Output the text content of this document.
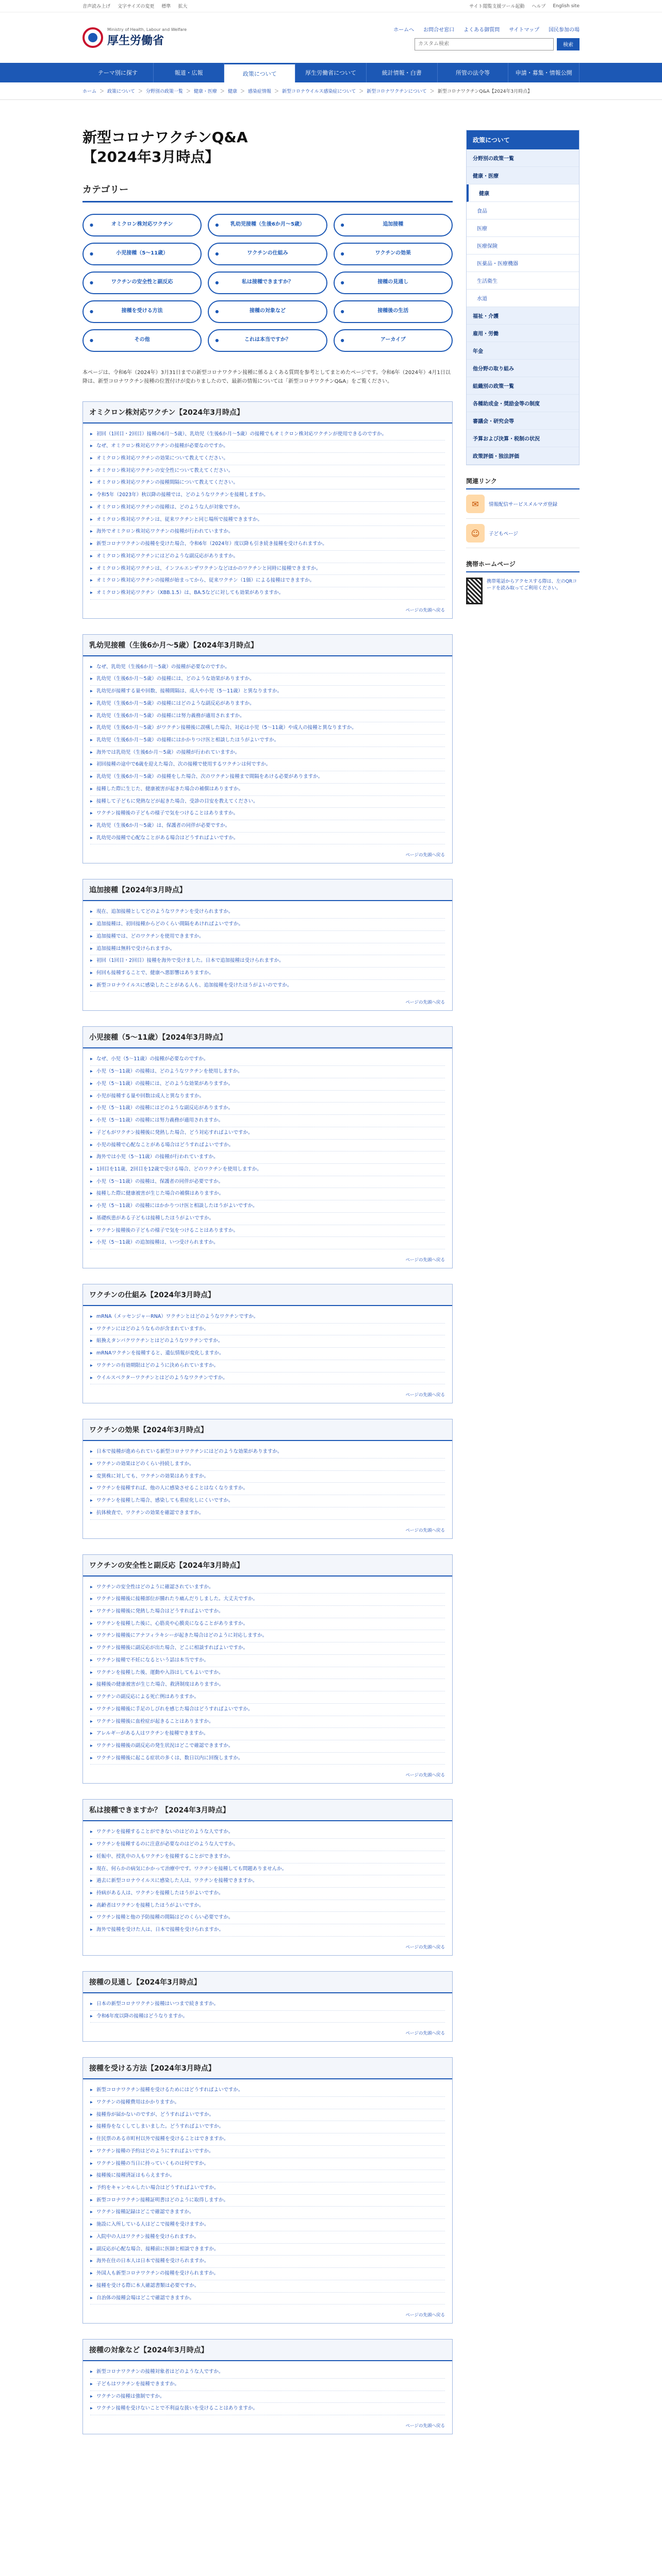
音声読み上げ 文字サイズの変更 標準 拡大	サイト閲覧支援ツール起動 ヘルプ English site
Ministry of Health, Labour and Welfare
厚生労働省
ホームへ お問合せ窓口 よくある御質問 サイトマップ 国民参加の場
カスタム検索
検索
テーマ別に探す	報道・広報	政策について	厚生労働省について	統計情報・白書	所管の法令等	申請・募集・情報公開
ホーム ＞ 政策について ＞ 分野別の政策一覧 ＞ 健康・医療 ＞ 健康 ＞ 感染症情報 ＞ 新型コロナウイルス感染症について ＞ 新型コロナワクチンについて ＞ 新型コロナワクチンQ&A【2024年3月時点】
新型コロナワクチンQ&A
【2024年3月時点】
カテゴリー
● オミクロン株対応ワクチン	● 乳幼児接種（生後6か月〜5歳）	● 追加接種
● 小児接種（5〜11歳）	● ワクチンの仕組み	● ワクチンの効果
● ワクチンの安全性と副反応	● 私は接種できますか？	● 接種の見通し
● 接種を受ける方法	● 接種の対象など	● 接種後の生活
● その他	● これは本当ですか？	● アーカイブ

本ページは、令和6年（2024年）3月31日までの新型コロナワクチン接種に係るよくある質問を参考としてまとめたページです。令和6年（2024年）4月1日以降は、新型コロナワクチン接種の位置付けが変わりましたので、最新の情報については「新型コロナワクチンQ&A」をご覧ください。

オミクロン株対応ワクチン【2024年3月時点】
▸ 初回（1回目・2回目）接種の6月〜5歳）、乳幼児（生後6か月〜5歳）の接種でもオミクロン株対応ワクチンが使用できるのですか。
▸ なぜ、オミクロン株対応ワクチンの接種が必要なのですか。
▸ オミクロン株対応ワクチンの効果について教えてください。
▸ オミクロン株対応ワクチンの安全性について教えてください。
▸ オミクロン株対応ワクチンの接種間隔について教えてください。
▸ 令和5年（2023年）秋以降の接種では、どのようなワクチンを接種しますか。
▸ オミクロン株対応ワクチンの接種は、どのような人が対象ですか。
▸ オミクロン株対応ワクチンは、従来ワクチンと同じ場所で接種できますか。
▸ 海外でオミクロン株対応ワクチンの接種が行われていますか。
▸ 新型コロナワクチンの接種を受けた場合、令和6年（2024年）度以降も引き続き接種を受けられますか。
▸ オミクロン株対応ワクチンにはどのような副反応がありますか。
▸ オミクロン株対応ワクチンは、インフルエンザワクチンなどほかのワクチンと同時に接種できますか。
▸ オミクロン株対応ワクチンの接種が始まってから、従来ワクチン（1価）による接種はできますか。
▸ オミクロン株対応ワクチン（XBB.1.5）は、BA.5などに対しても効果がありますか。
ページの先頭へ戻る
乳幼児接種（生後6か月〜5歳）【2024年3月時点】
▸ なぜ、乳幼児（生後6か月〜5歳）の接種が必要なのですか。
▸ 乳幼児（生後6か月〜5歳）の接種には、どのような効果がありますか。
▸ 乳幼児が接種する量や回数、接種間隔は、成人や小児（5〜11歳）と異なりますか。
▸ 乳幼児（生後6か月〜5歳）の接種にはどのような副反応がありますか。
▸ 乳幼児（生後6か月〜5歳）の接種には努力義務が適用されますか。
▸ 乳幼児（生後6か月〜5歳）がワクチン接種後に誤嚥した場合、対応は小児（5〜11歳）や成人の接種と異なりますか。
▸ 乳幼児（生後6か月〜5歳）の接種にはかかりつけ医と相談したほうがよいですか。
▸ 海外では乳幼児（生後6か月〜5歳）の接種が行われていますか。
▸ 初回接種の途中で6歳を迎えた場合、次の接種で使用するワクチンは何ですか。
▸ 乳幼児（生後6か月〜5歳）の接種をした場合、次のワクチン接種まで間隔をあける必要がありますか。
▸ 接種した際に生じた、健康被害が起きた場合の補償はありますか。
▸ 接種して子どもに発熱などが起きた場合、受診の目安を教えてください。
▸ ワクチン接種後の子どもの様子で気をつけることはありますか。
▸ 乳幼児（生後6か月〜5歳）は、保護者の同伴が必要ですか。
▸ 乳幼児の接種で心配なことがある場合はどうすればよいですか。
ページの先頭へ戻る
追加接種【2024年3月時点】
▸ 現在、追加接種としてどのようなワクチンを受けられますか。
▸ 追加接種は、初回接種からどのくらい間隔をあければよいですか。
▸ 追加接種では、どのワクチンを使用できますか。
▸ 追加接種は無料で受けられますか。
▸ 初回（1回目・2回目）接種を海外で受けました。日本で追加接種は受けられますか。
▸ 何回も接種することで、健康へ悪影響はありますか。
▸ 新型コロナウイルスに感染したことがある人も、追加接種を受けたほうがよいのですか。
ページの先頭へ戻る
小児接種（5〜11歳）【2024年3月時点】
▸ なぜ、小児（5〜11歳）の接種が必要なのですか。
▸ 小児（5〜11歳）の接種は、どのようなワクチンを使用しますか。
▸ 小児（5〜11歳）の接種には、どのような効果がありますか。
▸ 小児が接種する量や回数は成人と異なりますか。
▸ 小児（5〜11歳）の接種にはどのような副反応がありますか。
▸ 小児（5〜11歳）の接種には努力義務が適用されますか。
▸ 子どもがワクチン接種後に発熱した場合、どう対応すればよいですか。
▸ 小児の接種で心配なことがある場合はどうすればよいですか。
▸ 海外では小児（5〜11歳）の接種が行われていますか。
▸ 1回目を11歳、2回目を12歳で受ける場合、どのワクチンを使用しますか。
▸ 小児（5〜11歳）の接種は、保護者の同伴が必要ですか。
▸ 接種した際に健康被害が生じた場合の補償はありますか。
▸ 小児（5〜11歳）の接種にはかかりつけ医と相談したほうがよいですか。
▸ 基礎疾患がある子どもは接種したほうがよいですか。
▸ ワクチン接種後の子どもの様子で気をつけることはありますか。
▸ 小児（5〜11歳）の追加接種は、いつ受けられますか。
ページの先頭へ戻る
ワクチンの仕組み【2024年3月時点】
▸ mRNA（メッセンジャーRNA）ワクチンとはどのようなワクチンですか。
▸ ワクチンにはどのようなものが含まれていますか。
▸ 組換えタンパクワクチンとはどのようなワクチンですか。
▸ mRNAワクチンを接種すると、遺伝情報が変化しますか。
▸ ワクチンの有効期限はどのように決められていますか。
▸ ウイルスベクターワクチンとはどのようなワクチンですか。
ページの先頭へ戻る
ワクチンの効果【2024年3月時点】
▸ 日本で接種が進められている新型コロナワクチンにはどのような効果がありますか。
▸ ワクチンの効果はどのくらい持続しますか。
▸ 変異株に対しても、ワクチンの効果はありますか。
▸ ワクチンを接種すれば、他の人に感染させることはなくなりますか。
▸ ワクチンを接種した場合、感染しても重症化しにくいですか。
▸ 抗体検査で、ワクチンの効果を確認できますか。
ページの先頭へ戻る
ワクチンの安全性と副反応【2024年3月時点】
▸ ワクチンの安全性はどのように確認されていますか。
▸ ワクチン接種後に接種部位が腫れたり痛んだりしました。大丈夫ですか。
▸ ワクチン接種後に発熱した場合はどうすればよいですか。
▸ ワクチンを接種した後に、心筋炎や心膜炎になることがありますか。
▸ ワクチン接種後にアナフィラキシーが起きた場合はどのように対応しますか。
▸ ワクチン接種後に副反応が出た場合、どこに相談すればよいですか。
▸ ワクチン接種で不妊になるという話は本当ですか。
▸ ワクチンを接種した後、運動や入浴はしてもよいですか。
▸ 接種後の健康被害が生じた場合、救済制度はありますか。
▸ ワクチンの副反応による死亡例はありますか。
▸ ワクチン接種後に手足のしびれを感じた場合はどうすればよいですか。
▸ ワクチン接種後に血栓症が起きることはありますか。
▸ アレルギーがある人はワクチンを接種できますか。
▸ ワクチン接種後の副反応の発生状況はどこで確認できますか。
▸ ワクチン接種後に起こる症状の多くは、数日以内に回復しますか。
ページの先頭へ戻る
私は接種できますか？【2024年3月時点】
▸ ワクチンを接種することができないのはどのような人ですか。
▸ ワクチンを接種するのに注意が必要なのはどのような人ですか。
▸ 妊娠中、授乳中の人もワクチンを接種することができますか。
▸ 現在、何らかの病気にかかって治療中です。ワクチンを接種しても問題ありませんか。
▸ 過去に新型コロナウイルスに感染した人は、ワクチンを接種できますか。
▸ 持病がある人は、ワクチンを接種したほうがよいですか。
▸ 高齢者はワクチンを接種したほうがよいですか。
▸ ワクチン接種と他の予防接種の間隔はどのくらい必要ですか。
▸ 海外で接種を受けた人は、日本で接種を受けられますか。
ページの先頭へ戻る
接種の見通し【2024年3月時点】
▸ 日本の新型コロナワクチン接種はいつまで続きますか。
▸ 令和6年度以降の接種はどうなりますか。
ページの先頭へ戻る
接種を受ける方法【2024年3月時点】
▸ 新型コロナワクチン接種を受けるためにはどうすればよいですか。
▸ ワクチンの接種費用はかかりますか。
▸ 接種券が届かないのですが、どうすればよいですか。
▸ 接種券をなくしてしまいました。どうすればよいですか。
▸ 住民票のある市町村以外で接種を受けることはできますか。
▸ ワクチン接種の予約はどのようにすればよいですか。
▸ ワクチン接種の当日に持っていくものは何ですか。
▸ 接種後に接種済証はもらえますか。
▸ 予約をキャンセルしたい場合はどうすればよいですか。
▸ 新型コロナワクチン接種証明書はどのように取得しますか。
▸ ワクチン接種記録はどこで確認できますか。
▸ 施設に入所している人はどこで接種を受けますか。
▸ 入院中の人はワクチン接種を受けられますか。
▸ 副反応が心配な場合、接種前に医師と相談できますか。
▸ 海外在住の日本人は日本で接種を受けられますか。
▸ 外国人も新型コロナワクチンの接種を受けられますか。
▸ 接種を受ける際に本人確認書類は必要ですか。
▸ 自治体の接種会場はどこで確認できますか。
ページの先頭へ戻る
接種の対象など【2024年3月時点】
▸ 新型コロナワクチンの接種対象者はどのような人ですか。
▸ 子どもはワクチンを接種できますか。
▸ ワクチンの接種は強制ですか。
▸ ワクチン接種を受けないことで不利益な扱いを受けることはありますか。
ページの先頭へ戻る
政策について
分野別の政策一覧
健康・医療
健康
食品
医療
医療保険
医薬品・医療機器
生活衛生
水道
福祉・介護
雇用・労働
年金
他分野の取り組み
組織別の政策一覧
各種助成金・奨励金等の制度
審議会・研究会等
予算および決算・税制の状況
政策評価・独法評価
関連リンク
✉	情報配信サービスメルマガ登録
☺	子どもページ
携帯ホームページ
携帯電話からアクセスする際は、左のQRコードを読み取ってご利用ください。
